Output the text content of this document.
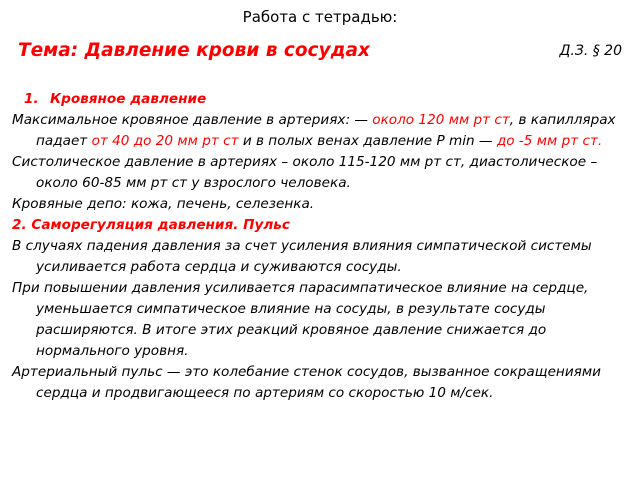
Работа с тетрадью:
Тема: Давление крови в сосудах	Д.З. § 20

1. Кровяное давление

Максимальное кровяное давление в артериях: — около 120 мм рт ст, в капиллярах падает от 40 до 20 мм рт ст и в полых венах давление P min — до -5 мм рт ст.

Систолическое давление в артериях – около 115-120 мм рт ст, диастолическое – около 60-85 мм рт ст у взрослого человека.

Кровяные депо: кожа, печень, селезенка.

2. Саморегуляция давления. Пульс

В случаях падения давления за счет усиления влияния симпатической системы усиливается работа сердца и суживаются сосуды.

При повышении давления усиливается парасимпатическое влияние на сердце, уменьшается симпатическое влияние на сосуды, в результате сосуды расширяются. В итоге этих реакций кровяное давление снижается до нормального уровня.

Артериальный пульс — это колебание стенок сосудов, вызванное сокращениями сердца и продвигающееся по артериям со скоростью 10 м/сек.
